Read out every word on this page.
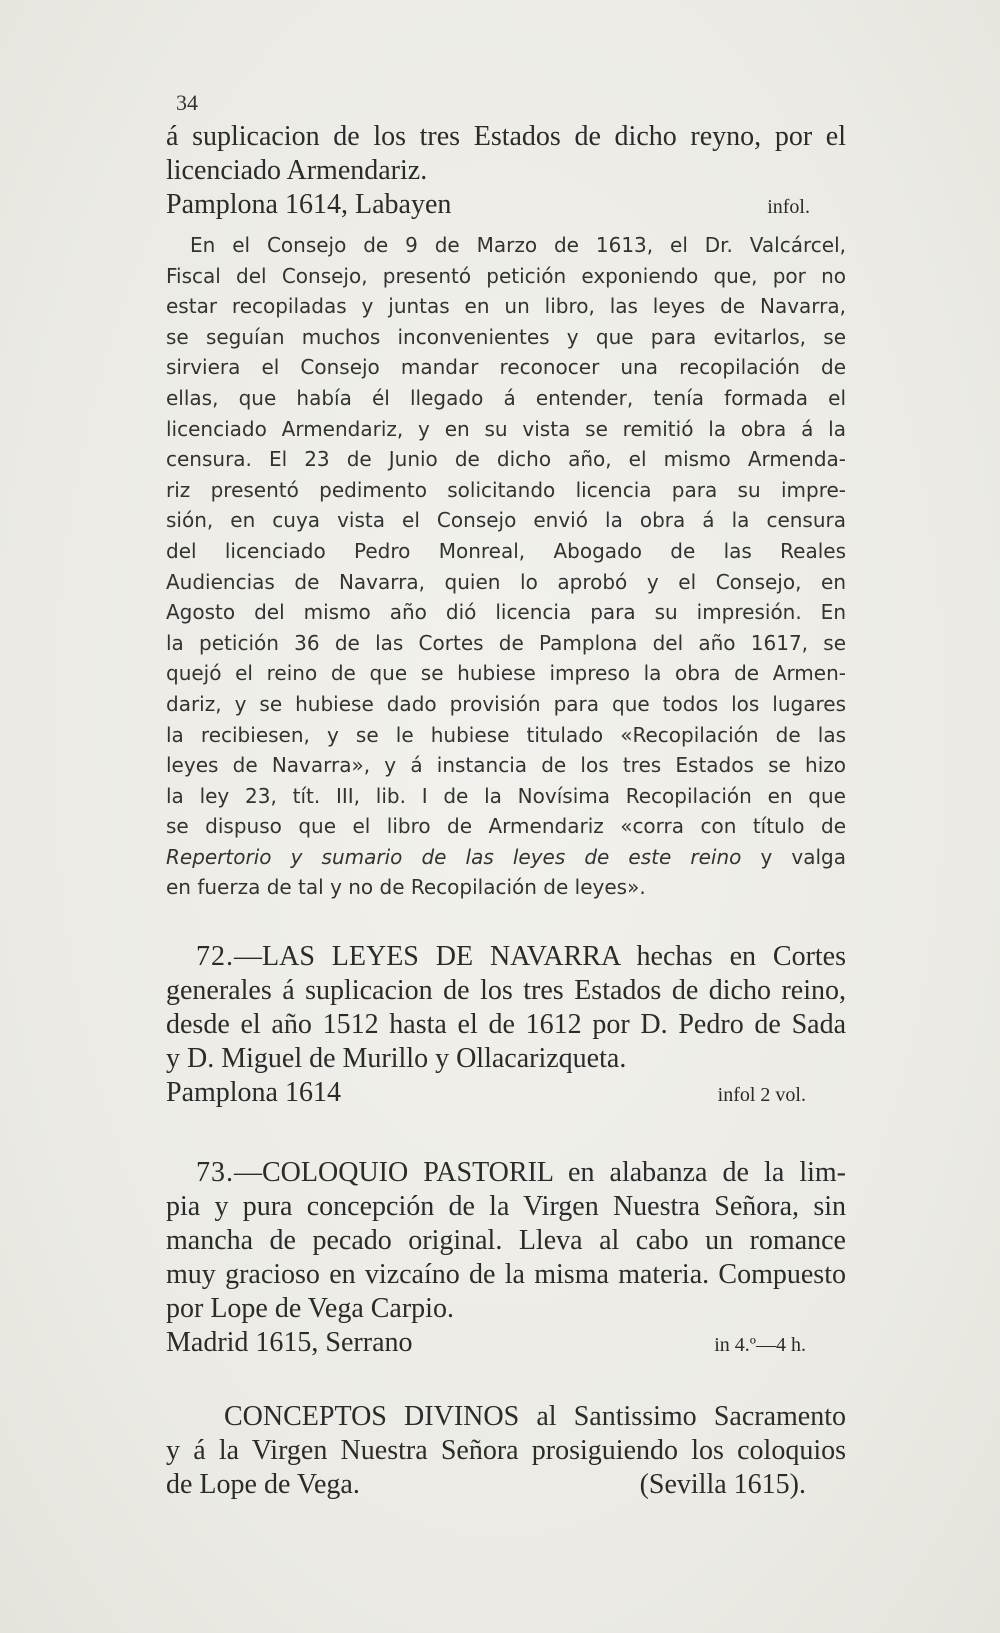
34
á suplicacion de los tres Estados de dicho reyno, por el
licenciado Armendariz.
Pamplona 1614, Labayen	infol.
En el Consejo de 9 de Marzo de 1613, el Dr. Valcárcel,
Fiscal del Consejo, presentó petición exponiendo que, por no
estar recopiladas y juntas en un libro, las leyes de Navarra,
se seguían muchos inconvenientes y que para evitarlos, se
sirviera el Consejo mandar reconocer una recopilación de
ellas, que había él llegado á entender, tenía formada el
licenciado Armendariz, y en su vista se remitió la obra á la
censura. El 23 de Junio de dicho año, el mismo Armenda-
riz presentó pedimento solicitando licencia para su impre-
sión, en cuya vista el Consejo envió la obra á la censura
del licenciado Pedro Monreal, Abogado de las Reales
Audiencias de Navarra, quien lo aprobó y el Consejo, en
Agosto del mismo año dió licencia para su impresión. En
la petición 36 de las Cortes de Pamplona del año 1617, se
quejó el reino de que se hubiese impreso la obra de Armen-
dariz, y se hubiese dado provisión para que todos los lugares
la recibiesen, y se le hubiese titulado «Recopilación de las
leyes de Navarra», y á instancia de los tres Estados se hizo
la ley 23, tít. III, lib. I de la Novísima Recopilación en que
se dispuso que el libro de Armendariz «corra con título de
Repertorio y sumario de las leyes de este reino y valga
en fuerza de tal y no de Recopilación de leyes».
72.—LAS LEYES DE NAVARRA hechas en Cortes
generales á suplicacion de los tres Estados de dicho reino,
desde el año 1512 hasta el de 1612 por D. Pedro de Sada
y D. Miguel de Murillo y Ollacarizqueta.
Pamplona 1614	infol 2 vol.
73.—COLOQUIO PASTORIL en alabanza de la lim-
pia y pura concepción de la Virgen Nuestra Señora, sin
mancha de pecado original. Lleva al cabo un romance
muy gracioso en vizcaíno de la misma materia. Compuesto
por Lope de Vega Carpio.
Madrid 1615, Serrano	in 4.º—4 h.
CONCEPTOS DIVINOS al Santissimo Sacramento
y á la Virgen Nuestra Señora prosiguiendo los coloquios
de Lope de Vega.	(Sevilla 1615).
